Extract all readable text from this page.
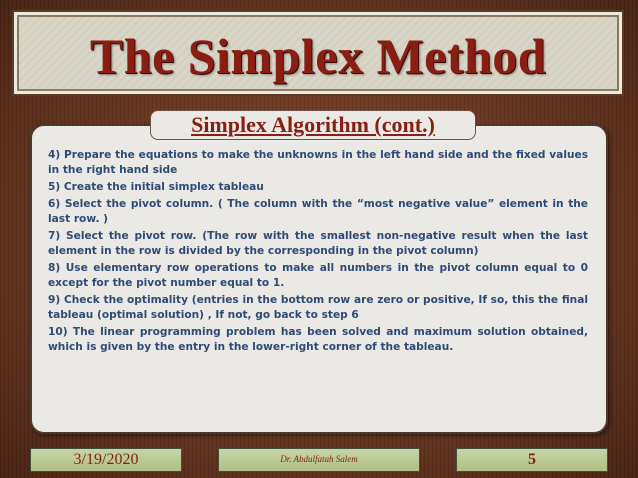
The Simplex Method
Simplex Algorithm (cont.)
4) Prepare the equations to make the unknowns in the left hand side and the fixed values in the right hand side
5) Create the initial simplex tableau
6) Select the pivot column. ( The column with the “most negative value” element in the last row. )
7) Select the pivot row. (The row with the smallest non-negative result when the last element in the row is divided by the corresponding in the pivot column)
8) Use elementary row operations to make all numbers in the pivot column equal to 0 except for the pivot number equal to 1.
9) Check the optimality (entries in the bottom row are zero or positive, If so, this the final tableau (optimal solution) , If not, go back to step 6
10) The linear programming problem has been solved and maximum solution obtained, which is given by the entry in the lower-right corner of the tableau.
3/19/2020	Dr. Abdulfatah Salem	5
